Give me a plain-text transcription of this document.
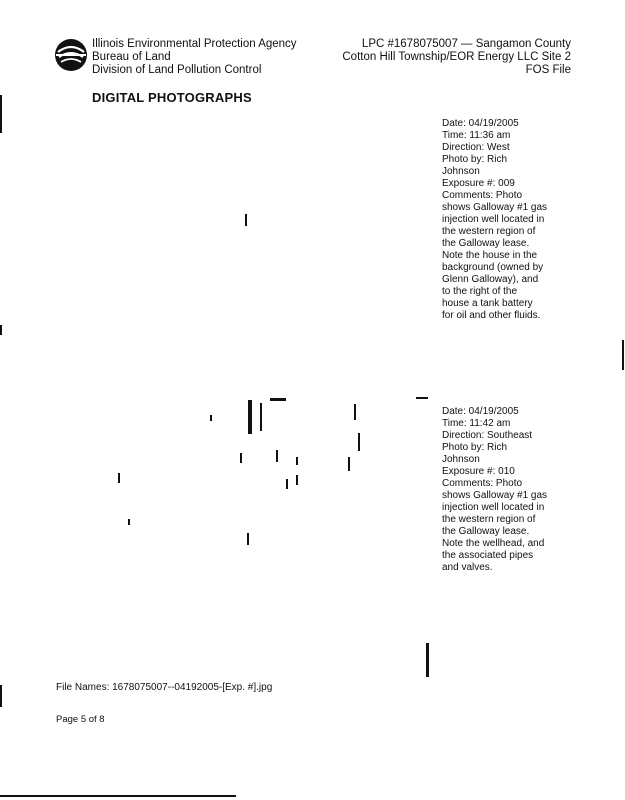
Illinois Environmental Protection Agency
Bureau of Land
Division of Land Pollution Control
LPC #1678075007 — Sangamon County
Cotton Hill Township/EOR Energy LLC Site 2
FOS File
DIGITAL PHOTOGRAPHS
Date: 04/19/2005
Time: 11:36 am
Direction: West
Photo by: Rich
Johnson
Exposure #: 009
Comments: Photo
shows Galloway #1 gas
injection well located in
the western region of
the Galloway lease.
Note the house in the
background (owned by
Glenn Galloway), and
to the right of the
house a tank battery
for oil and other fluids.
Date: 04/19/2005
Time: 11:42 am
Direction: Southeast
Photo by: Rich
Johnson
Exposure #: 010
Comments: Photo
shows Galloway #1 gas
injection well located in
the western region of
the Galloway lease.
Note the wellhead, and
the associated pipes
and valves.
File Names: 1678075007--04192005-[Exp. #].jpg
Page 5 of 8
